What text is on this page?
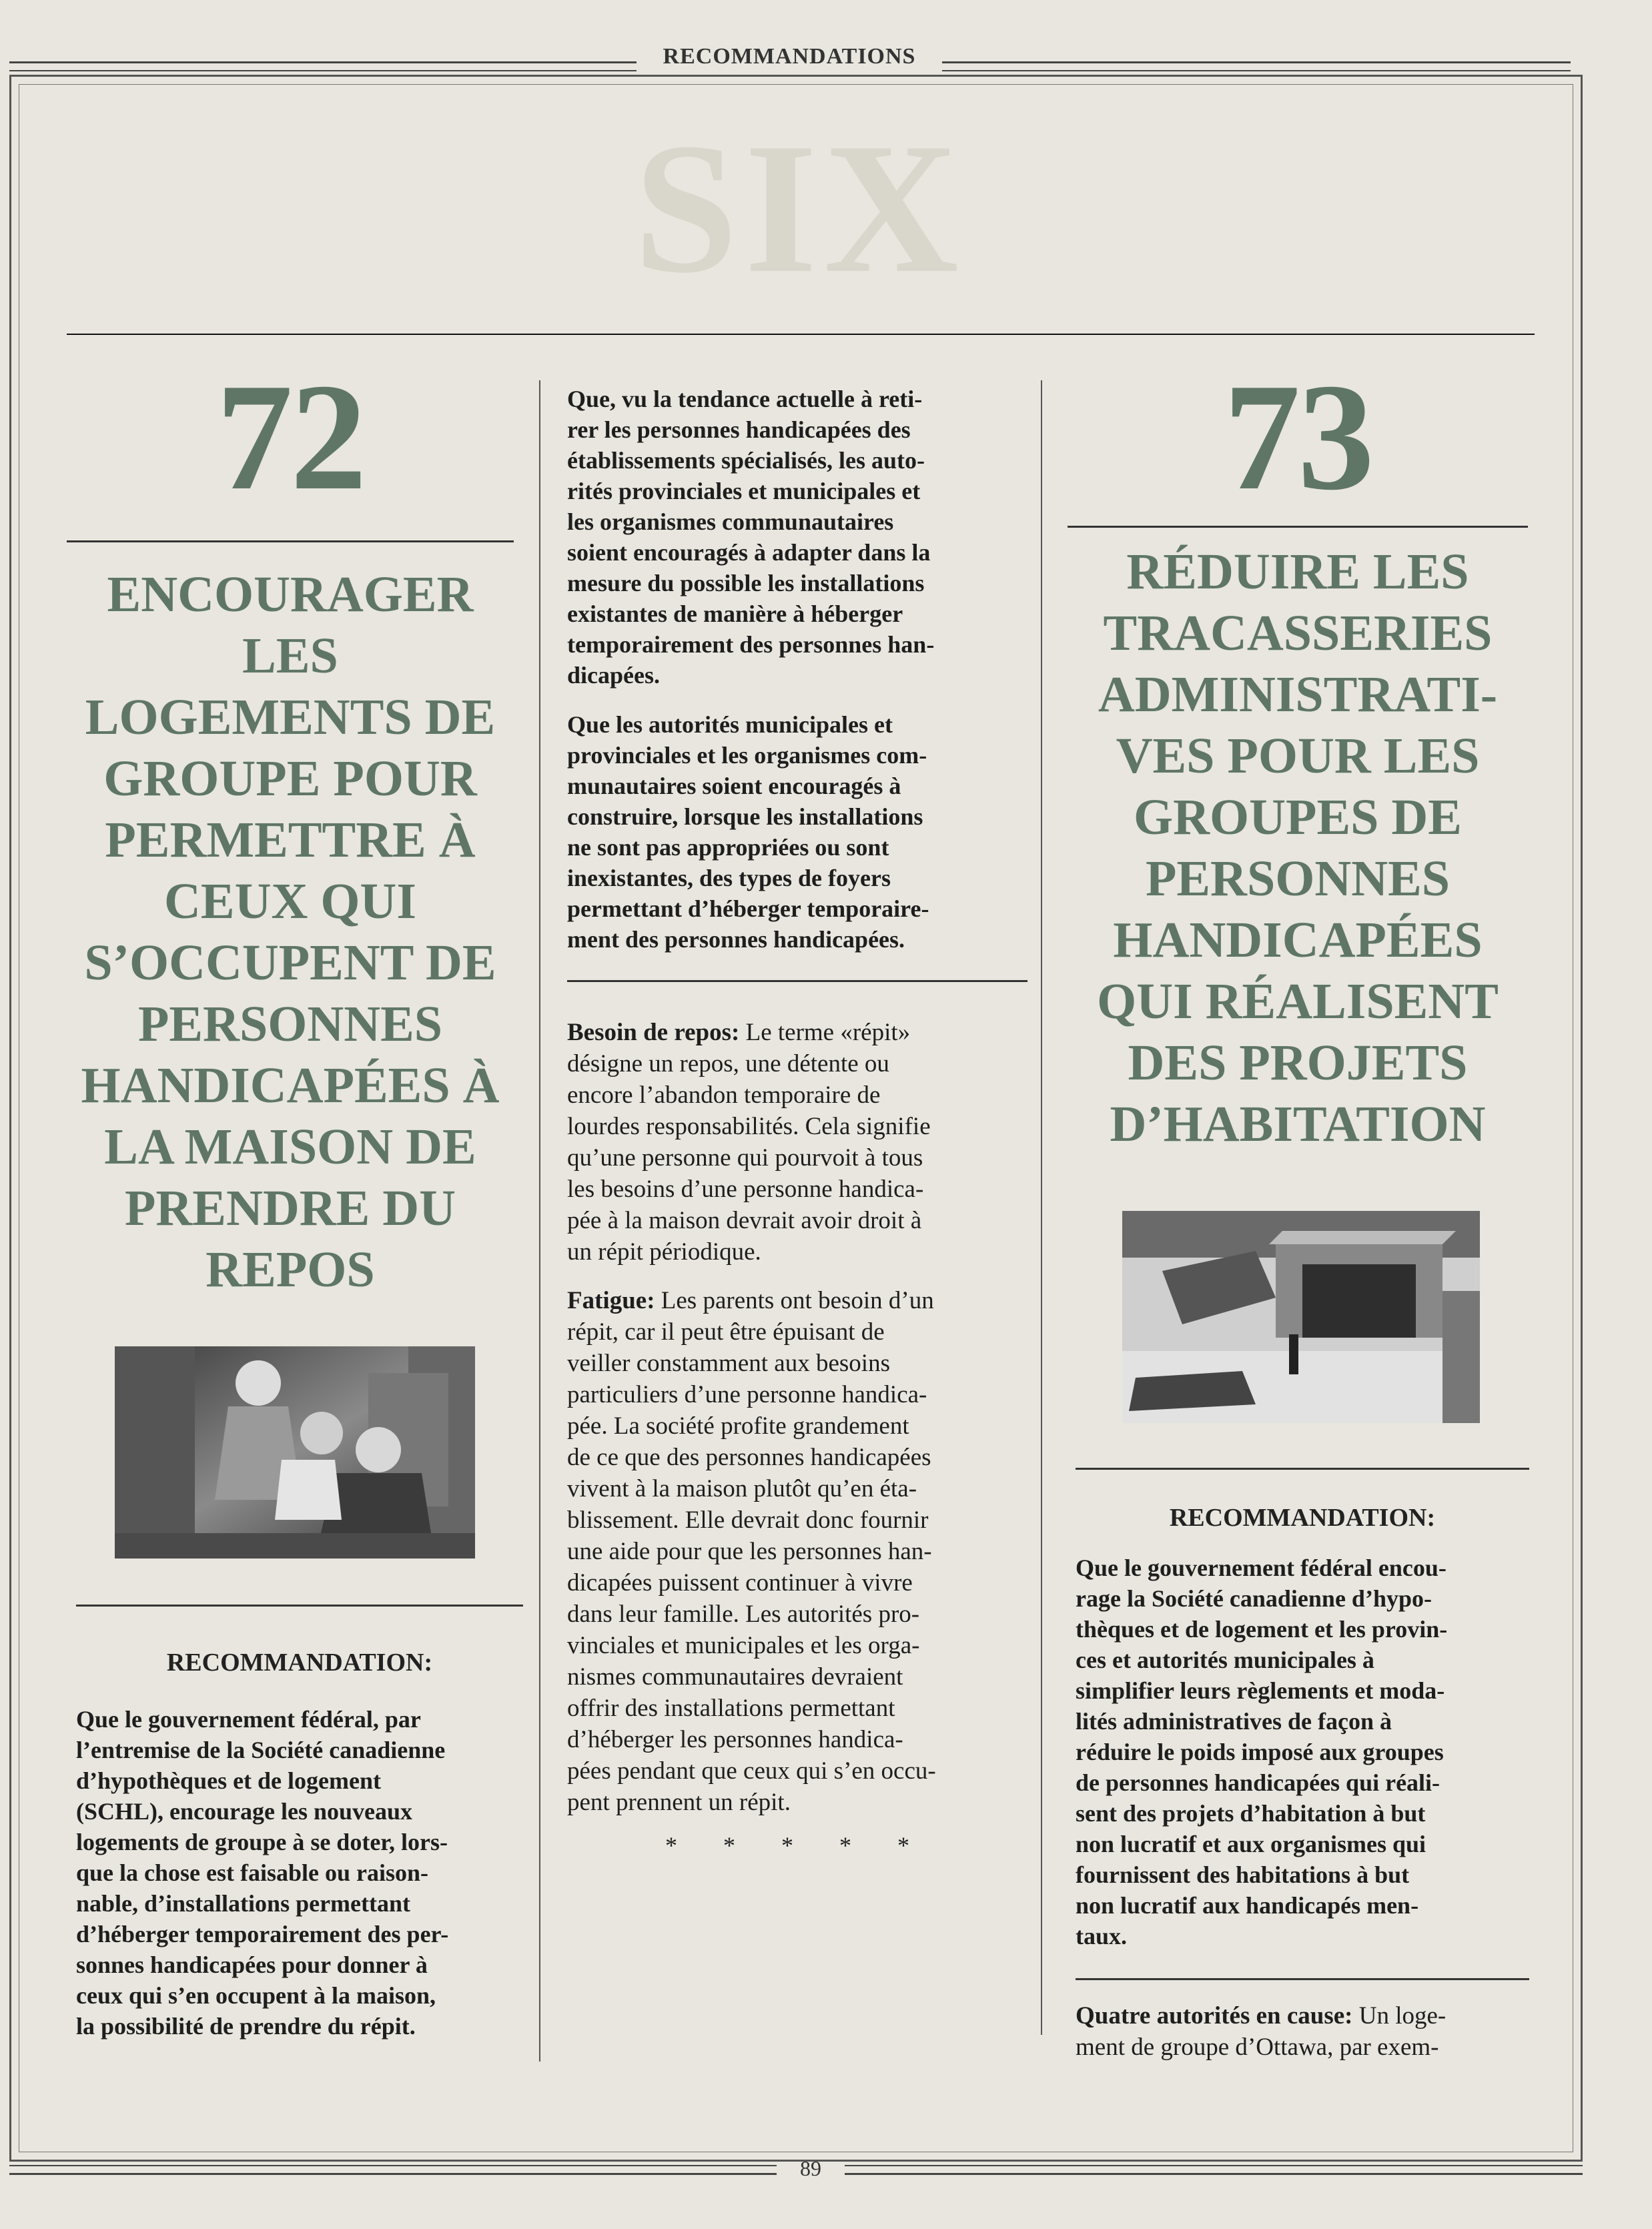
RECOMMANDATIONS
SIX
72
ENCOURAGER
LES
LOGEMENTS DE
GROUPE POUR
PERMETTRE À
CEUX QUI
S’OCCUPENT DE
PERSONNES
HANDICAPÉES À
LA MAISON DE
PRENDRE DU
REPOS
RECOMMANDATION:
Que le gouvernement fédéral, par
l’entremise de la Société canadienne
d’hypothèques et de logement
(SCHL), encourage les nouveaux
logements de groupe à se doter, lors-
que la chose est faisable ou raison-
nable, d’installations permettant
d’héberger temporairement des per-
sonnes handicapées pour donner à
ceux qui s’en occupent à la maison,
la possibilité de prendre du répit.
Que, vu la tendance actuelle à reti-
rer les personnes handicapées des
établissements spécialisés, les auto-
rités provinciales et municipales et
les organismes communautaires
soient encouragés à adapter dans la
mesure du possible les installations
existantes de manière à héberger
temporairement des personnes han-
dicapées.
Que les autorités municipales et
provinciales et les organismes com-
munautaires soient encouragés à
construire, lorsque les installations
ne sont pas appropriées ou sont
inexistantes, des types de foyers
permettant d’héberger temporaire-
ment des personnes handicapées.

Besoin de repos: Le terme «répit»
désigne un repos, une détente ou
encore l’abandon temporaire de
lourdes responsabilités. Cela signifie
qu’une personne qui pourvoit à tous
les besoins d’une personne handica-
pée à la maison devrait avoir droit à
un répit périodique.

Fatigue: Les parents ont besoin d’un
répit, car il peut être épuisant de
veiller constamment aux besoins
particuliers d’une personne handica-
pée. La société profite grandement
de ce que des personnes handicapées
vivent à la maison plutôt qu’en éta-
blissement. Elle devrait donc fournir
une aide pour que les personnes han-
dicapées puissent continuer à vivre
dans leur famille. Les autorités pro-
vinciales et municipales et les orga-
nismes communautaires devraient
offrir des installations permettant
d’héberger les personnes handica-
pées pendant que ceux qui s’en occu-
pent prennent un répit.

* * * * *
73
RÉDUIRE LES
TRACASSERIES
ADMINISTRATI-
VES POUR LES
GROUPES DE
PERSONNES
HANDICAPÉES
QUI RÉALISENT
DES PROJETS
D’HABITATION
RECOMMANDATION:
Que le gouvernement fédéral encou-
rage la Société canadienne d’hypo-
thèques et de logement et les provin-
ces et autorités municipales à
simplifier leurs règlements et moda-
lités administratives de façon à
réduire le poids imposé aux groupes
de personnes handicapées qui réali-
sent des projets d’habitation à but
non lucratif et aux organismes qui
fournissent des habitations à but
non lucratif aux handicapés men-
taux.

Quatre autorités en cause: Un loge-
ment de groupe d’Ottawa, par exem-

89
